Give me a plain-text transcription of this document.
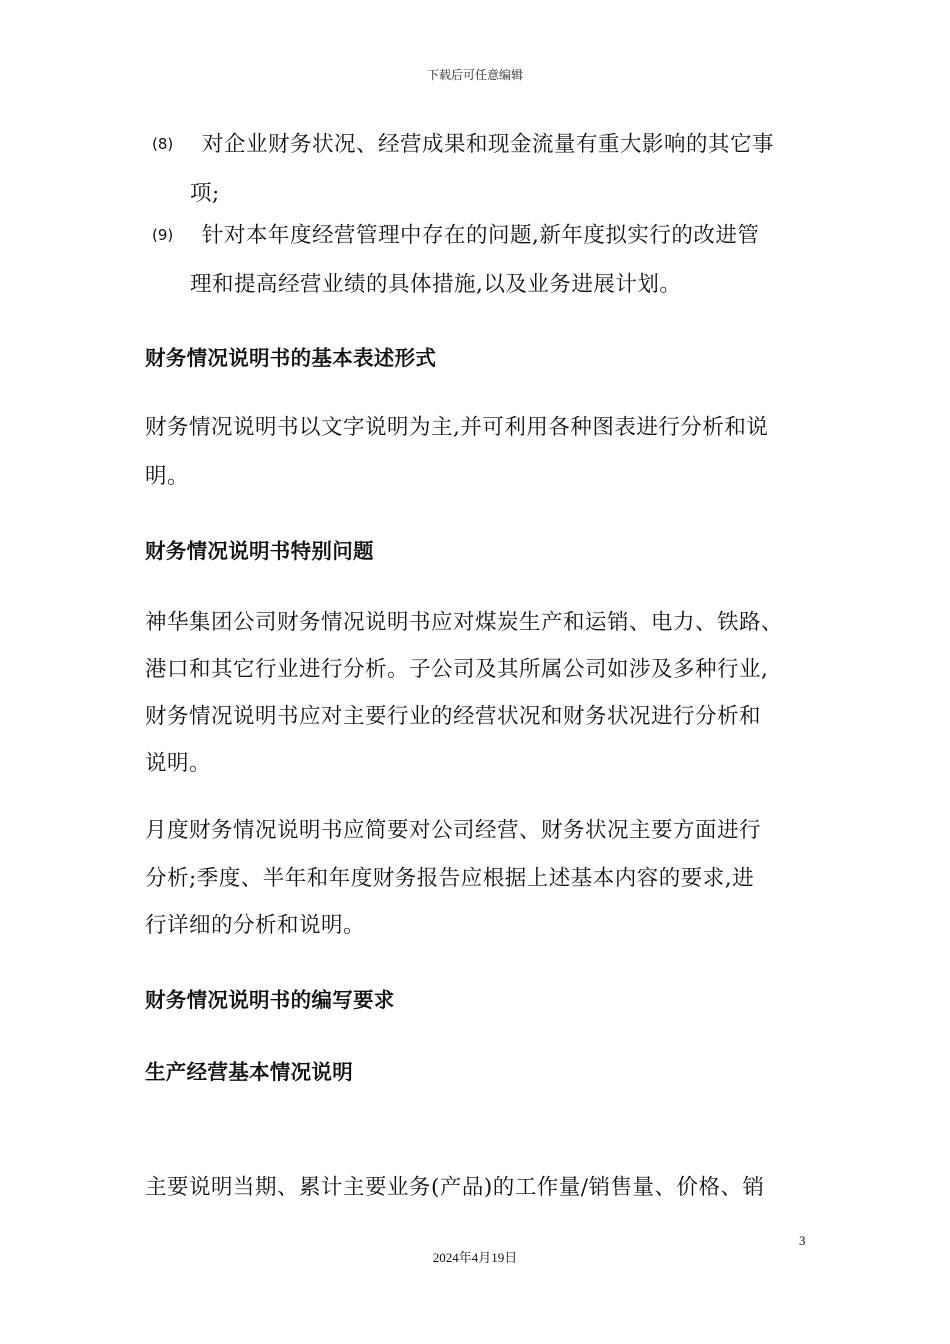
下载后可任意编辑
(8) 对企业财务状况、经营成果和现金流量有重大影响的其它事
项;
(9) 针对本年度经营管理中存在的问题,新年度拟实行的改进管
理和提高经营业绩的具体措施,以及业务进展计划。
财务情况说明书的基本表述形式
财务情况说明书以文字说明为主,并可利用各种图表进行分析和说
明。
财务情况说明书特别问题
神华集团公司财务情况说明书应对煤炭生产和运销、电力、铁路、
港口和其它行业进行分析。子公司及其所属公司如涉及多种行业,
财务情况说明书应对主要行业的经营状况和财务状况进行分析和
说明。
月度财务情况说明书应简要对公司经营、财务状况主要方面进行
分析;季度、半年和年度财务报告应根据上述基本内容的要求,进
行详细的分析和说明。
财务情况说明书的编写要求
生产经营基本情况说明
主要说明当期、累计主要业务(产品)的工作量/销售量、价格、销
3
2024年4月19日
